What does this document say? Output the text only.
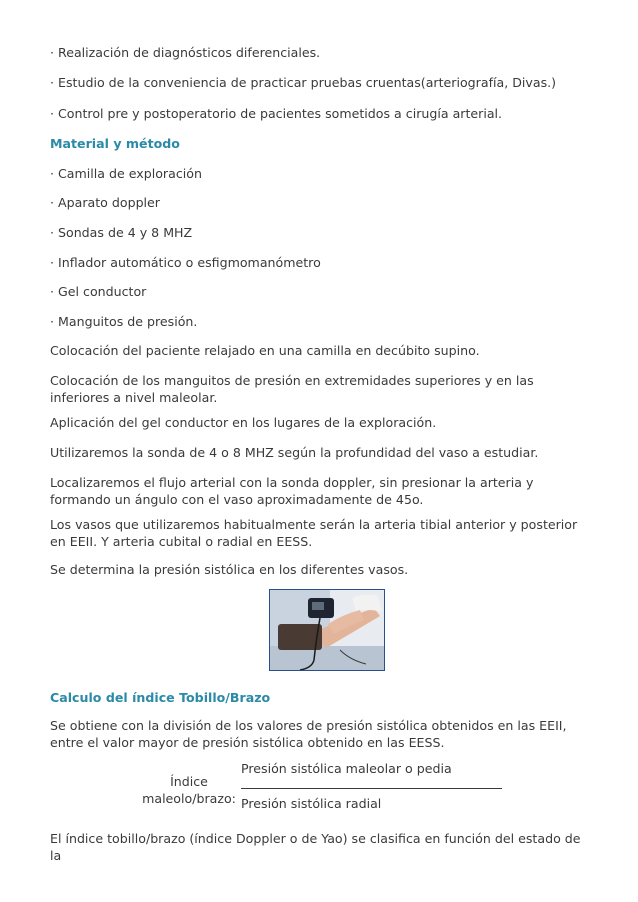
· Realización de diagnósticos diferenciales.

· Estudio de la conveniencia de practicar pruebas cruentas(arteriografía, Divas.)

· Control pre y postoperatorio de pacientes sometidos a cirugía arterial.

Material y método

· Camilla de exploración

· Aparato doppler

· Sondas de 4 y 8 MHZ

· Inflador automático o esfigmomanómetro

· Gel conductor

· Manguitos de presión.

Colocación del paciente relajado en una camilla en decúbito supino.

Colocación de los manguitos de presión en extremidades superiores y en las inferiores a nivel maleolar.

Aplicación del gel conductor en los lugares de la exploración.

Utilizaremos la sonda de 4 o 8 MHZ según la profundidad del vaso a estudiar.

Localizaremos el flujo arterial con la sonda doppler, sin presionar la arteria y formando un ángulo con el vaso aproximadamente de 45o.

Los vasos que utilizaremos habitualmente serán la arteria tibial anterior y posterior en EEII. Y arteria cubital o radial en EESS.

Se determina la presión sistólica en los diferentes vasos.

Calculo del índice Tobillo/Brazo

Se obtiene con la división de los valores de presión sistólica obtenidos en las EEII, entre el valor mayor de presión sistólica obtenido en las EESS.

Índice
maleolo/brazo:
Presión sistólica maleolar o pedia
Presión sistólica radial

El índice tobillo/brazo (índice Doppler o de Yao) se clasifica en función del estado de la
